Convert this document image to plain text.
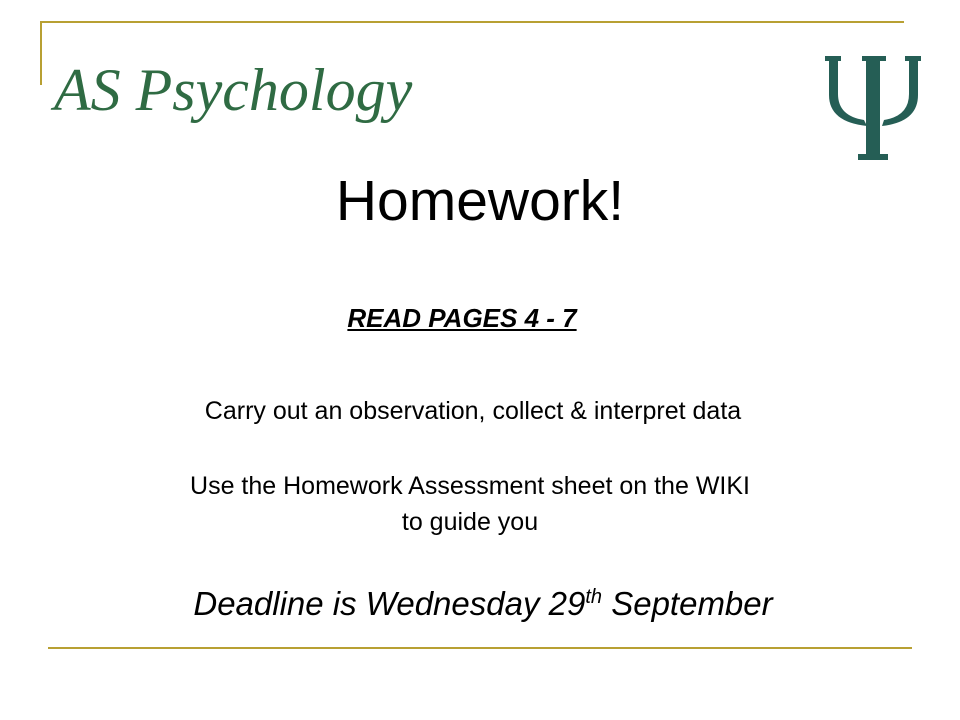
AS Psychology
Homework!
READ PAGES 4 - 7
Carry out an observation, collect & interpret data
Use the Homework Assessment sheet on the WIKI
to guide you
Deadline is Wednesday 29th September
